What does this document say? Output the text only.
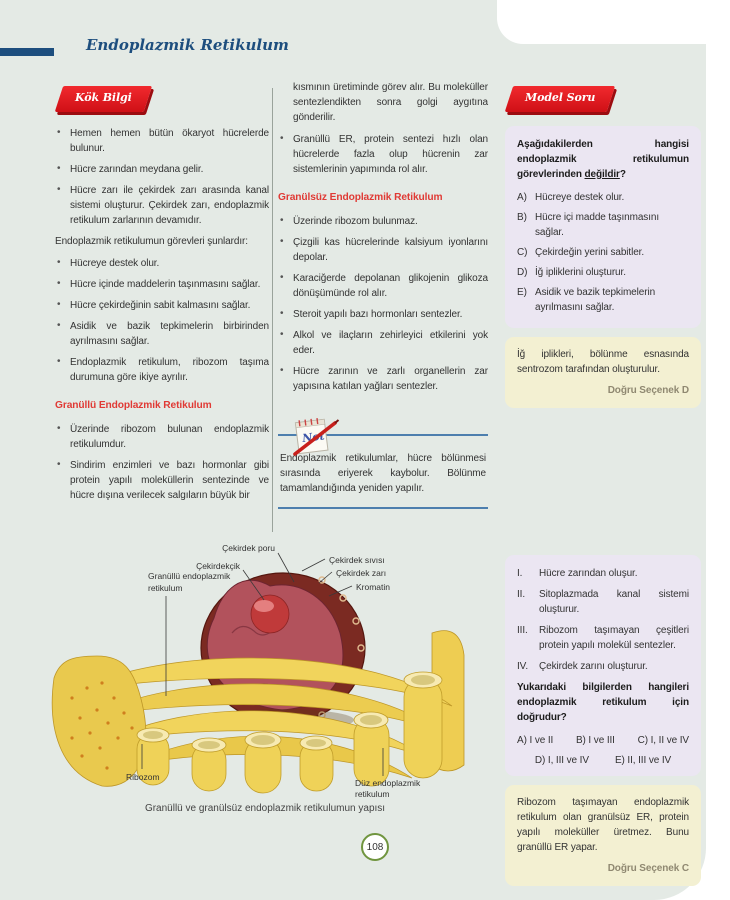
Endoplazmik Retikulum
Kök Bilgi
• Hemen hemen bütün ökaryot hücrelerde bulunur.
• Hücre zarından meydana gelir.
• Hücre zarı ile çekirdek zarı arasında kanal sistemi oluşturur. Çekirdek zarı, endoplazmik retikulum zarlarının devamıdır.

Endoplazmik retikulumun görevleri şunlardır:

• Hücreye destek olur.
• Hücre içinde maddelerin taşınmasını sağlar.
• Hücre çekirdeğinin sabit kalmasını sağlar.
• Asidik ve bazik tepkimelerin birbirinden ayrılmasını sağlar.
• Endoplazmik retikulum, ribozom taşıma durumuna göre ikiye ayrılır.
Granüllü Endoplazmik Retikulum
• Üzerinde ribozom bulunan endoplazmik retikulumdur.
• Sindirim enzimleri ve bazı hormonlar gibi protein yapılı moleküllerin sentezinde ve hücre dışına verilecek salgıların büyük bir

kısmının üretiminde görev alır. Bu moleküller sentezlendikten sonra golgi aygıtına gönderilir.

• Granüllü ER, protein sentezi hızlı olan hücrelerde fazla olup hücrenin zar sistemlerinin yapımında rol alır.
Granülsüz Endoplazmik Retikulum
• Üzerinde ribozom bulunmaz.
• Çizgili kas hücrelerinde kalsiyum iyonlarını depolar.
• Karaciğerde depolanan glikojenin glikoza dönüşümünde rol alır.
• Steroit yapılı bazı hormonları sentezler.
• Alkol ve ilaçların zehirleyici etkilerini yok eder.
• Hücre zarının ve zarlı organellerin zar yapısına katılan yağları sentezler.
Not
Endoplazmik retikulumlar, hücre bölünmesi sırasında eriyerek kaybolur. Bölünme tamamlandığında yeniden yapılır.
Model Soru
Aşağıdakilerden hangisi endoplazmik retikulumun görevlerinden değildir?
A) Hücreye destek olur.
B) Hücre içi madde taşınmasını sağlar.
C) Çekirdeğin yerini sabitler.
D) İğ ipliklerini oluşturur.
E) Asidik ve bazik tepkimelerin ayrılmasını sağlar.
İğ iplikleri, bölünme esnasında sentrozom tarafından oluşturulur.
Doğru Seçenek D
I.	Hücre zarından oluşur.
II.	Sitoplazmada kanal sistemi oluşturur.
III.	Ribozom taşımayan çeşitleri protein yapılı molekül sentezler.
IV.	Çekirdek zarını oluşturur.
Yukarıdaki bilgilerden hangileri endoplazmik retikulum için doğrudur?
A) I ve II B) I ve III C) I, II ve IV
D) I, III ve IV	E) II, III ve IV
Ribozom taşımayan endoplazmik retikulum olan granülsüz ER, protein yapılı moleküller üretmez. Bunu granüllü ER yapar.
Doğru Seçenek C
Çekirdek poru
Çekirdekçik
Çekirdek sıvısı
Çekirdek zarı
Kromatin
Granüllü endoplazmik
retikulum
Ribozom
Düz endoplazmik
retikulum
Granüllü ve granülsüz endoplazmik retikulumun yapısı
108
